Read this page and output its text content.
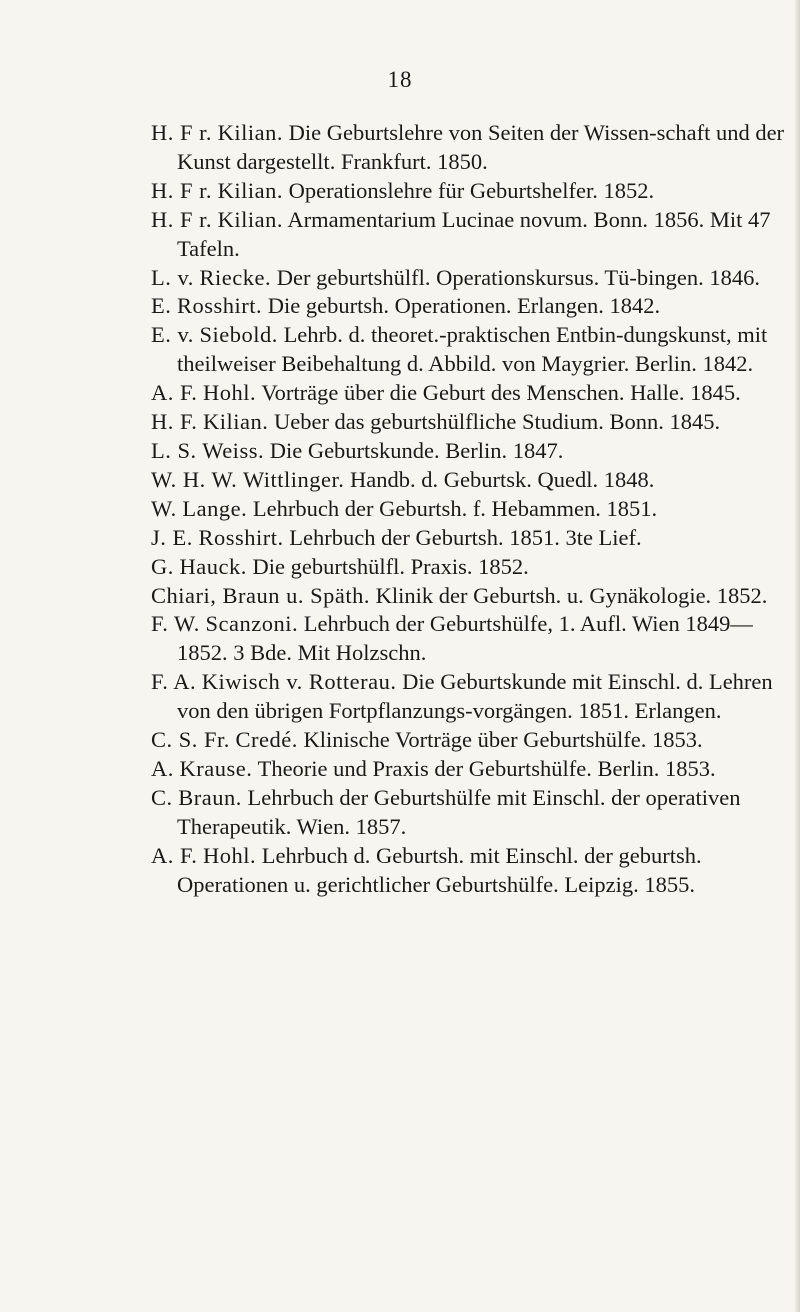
18
H. F r. Kilian. Die Geburtslehre von Seiten der Wissen-schaft und der Kunst dargestellt. Frankfurt. 1850.
H. F r. Kilian. Operationslehre für Geburtshelfer. 1852.
H. F r. Kilian. Armamentarium Lucinae novum. Bonn. 1856. Mit 47 Tafeln.
L. v. Riecke. Der geburtshülfl. Operationskursus. Tü-bingen. 1846.
E. Rosshirt. Die geburtsh. Operationen. Erlangen. 1842.
E. v. Siebold. Lehrb. d. theoret.-praktischen Entbin-dungskunst, mit theilweiser Beibehaltung d. Abbild. von Maygrier. Berlin. 1842.
A. F. Hohl. Vorträge über die Geburt des Menschen. Halle. 1845.
H. F. Kilian. Ueber das geburtshülfliche Studium. Bonn. 1845.
L. S. Weiss. Die Geburtskunde. Berlin. 1847.
W. H. W. Wittlinger. Handb. d. Geburtsk. Quedl. 1848.
W. Lange. Lehrbuch der Geburtsh. f. Hebammen. 1851.
J. E. Rosshirt. Lehrbuch der Geburtsh. 1851. 3te Lief.
G. Hauck. Die geburtshülfl. Praxis. 1852.
Chiari, Braun u. Späth. Klinik der Geburtsh. u. Gynäkologie. 1852.
F. W. Scanzoni. Lehrbuch der Geburtshülfe, 1. Aufl. Wien 1849—1852. 3 Bde. Mit Holzschn.
F. A. Kiwisch v. Rotterau. Die Geburtskunde mit Einschl. d. Lehren von den übrigen Fortpflanzungs-vorgängen. 1851. Erlangen.
C. S. Fr. Credé. Klinische Vorträge über Geburtshülfe. 1853.
A. Krause. Theorie und Praxis der Geburtshülfe. Berlin. 1853.
C. Braun. Lehrbuch der Geburtshülfe mit Einschl. der operativen Therapeutik. Wien. 1857.
A. F. Hohl. Lehrbuch d. Geburtsh. mit Einschl. der geburtsh. Operationen u. gerichtlicher Geburtshülfe. Leipzig. 1855.
